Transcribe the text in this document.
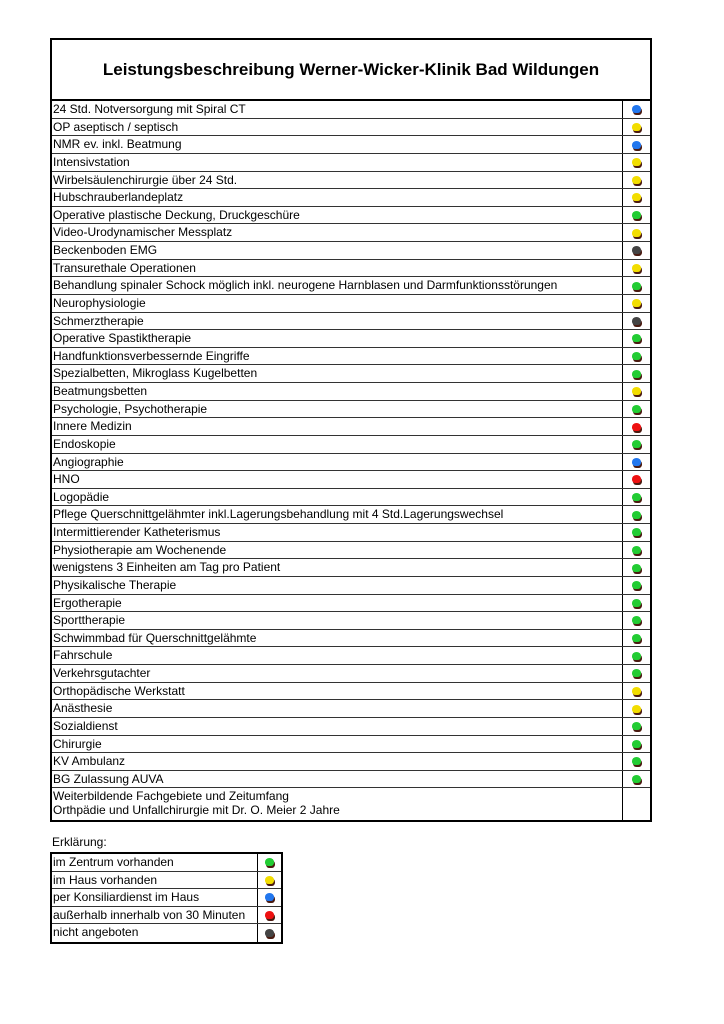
Leistungsbeschreibung Werner-Wicker-Klinik Bad Wildungen
24 Std. Notversorgung mit Spiral CT
OP aseptisch / septisch
NMR ev. inkl. Beatmung
Intensivstation
Wirbelsäulenchirurgie über 24 Std.
Hubschrauberlandeplatz
Operative plastische Deckung, Druckgeschüre
Video-Urodynamischer Messplatz
Beckenboden EMG
Transurethale Operationen
Behandlung spinaler Schock möglich inkl. neurogene Harnblasen und Darmfunktionsstörungen
Neurophysiologie
Schmerztherapie
Operative Spastiktherapie
Handfunktionsverbessernde Eingriffe
Spezialbetten, Mikroglass Kugelbetten
Beatmungsbetten
Psychologie, Psychotherapie
Innere Medizin
Endoskopie
Angiographie
HNO
Logopädie
Pflege Querschnittgelähmter inkl.Lagerungsbehandlung mit 4 Std.Lagerungswechsel
Intermittierender Katheterismus
Physiotherapie am Wochenende
wenigstens 3 Einheiten am Tag pro Patient
Physikalische Therapie
Ergotherapie
Sporttherapie
Schwimmbad für Querschnittgelähmte
Fahrschule
Verkehrsgutachter
Orthopädische Werkstatt
Anästhesie
Sozialdienst
Chirurgie
KV Ambulanz
BG Zulassung AUVA
Weiterbildende Fachgebiete und Zeitumfang
Orthpädie und Unfallchirurgie mit Dr. O. Meier 2 Jahre
Erklärung:
im Zentrum vorhanden
im Haus vorhanden
per Konsiliardienst im Haus
außerhalb innerhalb von 30 Minuten
nicht angeboten
